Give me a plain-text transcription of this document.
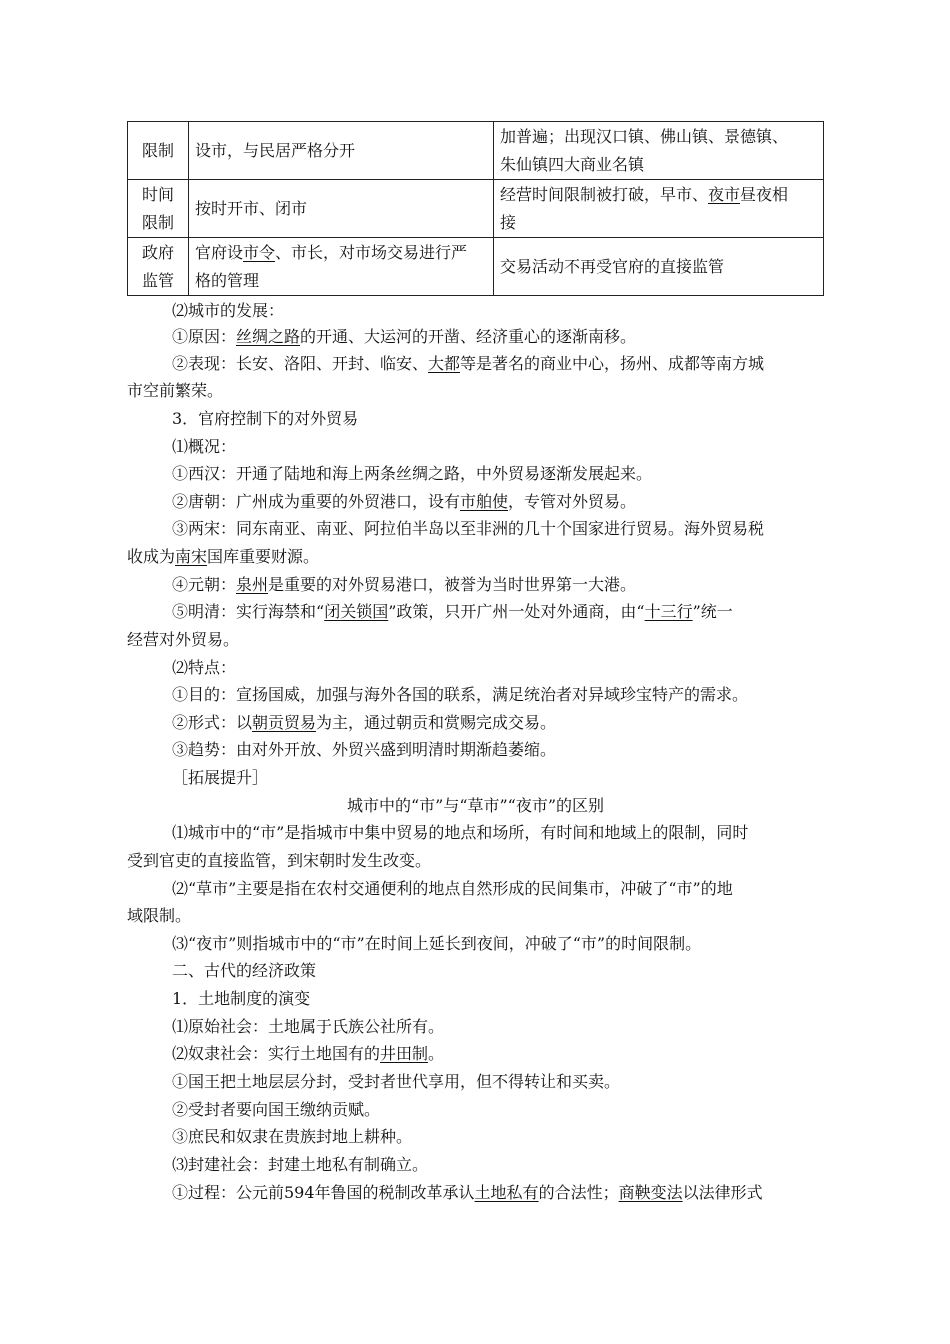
限制	设市，与民居严格分开	加普遍；出现汉口镇、佛山镇、景德镇、
朱仙镇四大商业名镇
时间
限制	按时开市、闭市	经营时间限制被打破，早市、夜市昼夜相
接
政府
监管	官府设市令、市长，对市场交易进行严
格的管理	交易活动不再受官府的直接监管
⑵城市的发展：
①原因：丝绸之路的开通、大运河的开凿、经济重心的逐渐南移。
②表现：长安、洛阳、开封、临安、大都等是著名的商业中心，扬州、成都等南方城
市空前繁荣。
3．官府控制下的对外贸易
⑴概况：
①西汉：开通了陆地和海上两条丝绸之路，中外贸易逐渐发展起来。
②唐朝：广州成为重要的外贸港口，设有市舶使，专管对外贸易。
③两宋：同东南亚、南亚、阿拉伯半岛以至非洲的几十个国家进行贸易。海外贸易税
收成为南宋国库重要财源。
④元朝：泉州是重要的对外贸易港口，被誉为当时世界第一大港。
⑤明清：实行海禁和“闭关锁国”政策，只开广州一处对外通商，由“十三行”统一
经营对外贸易。
⑵特点：
①目的：宣扬国威，加强与海外各国的联系，满足统治者对异域珍宝特产的需求。
②形式：以朝贡贸易为主，通过朝贡和赏赐完成交易。
③趋势：由对外开放、外贸兴盛到明清时期渐趋萎缩。
［拓展提升］
城市中的“市”与“草市”“夜市”的区别
⑴城市中的“市”是指城市中集中贸易的地点和场所，有时间和地域上的限制，同时
受到官吏的直接监管，到宋朝时发生改变。
⑵“草市”主要是指在农村交通便利的地点自然形成的民间集市，冲破了“市”的地
域限制。
⑶“夜市”则指城市中的“市”在时间上延长到夜间，冲破了“市”的时间限制。
二、古代的经济政策
1．土地制度的演变
⑴原始社会：土地属于氏族公社所有。
⑵奴隶社会：实行土地国有的井田制。
①国王把土地层层分封，受封者世代享用，但不得转让和买卖。
②受封者要向国王缴纳贡赋。
③庶民和奴隶在贵族封地上耕种。
⑶封建社会：封建土地私有制确立。
①过程：公元前594年鲁国的税制改革承认土地私有的合法性；商鞅变法以法律形式
